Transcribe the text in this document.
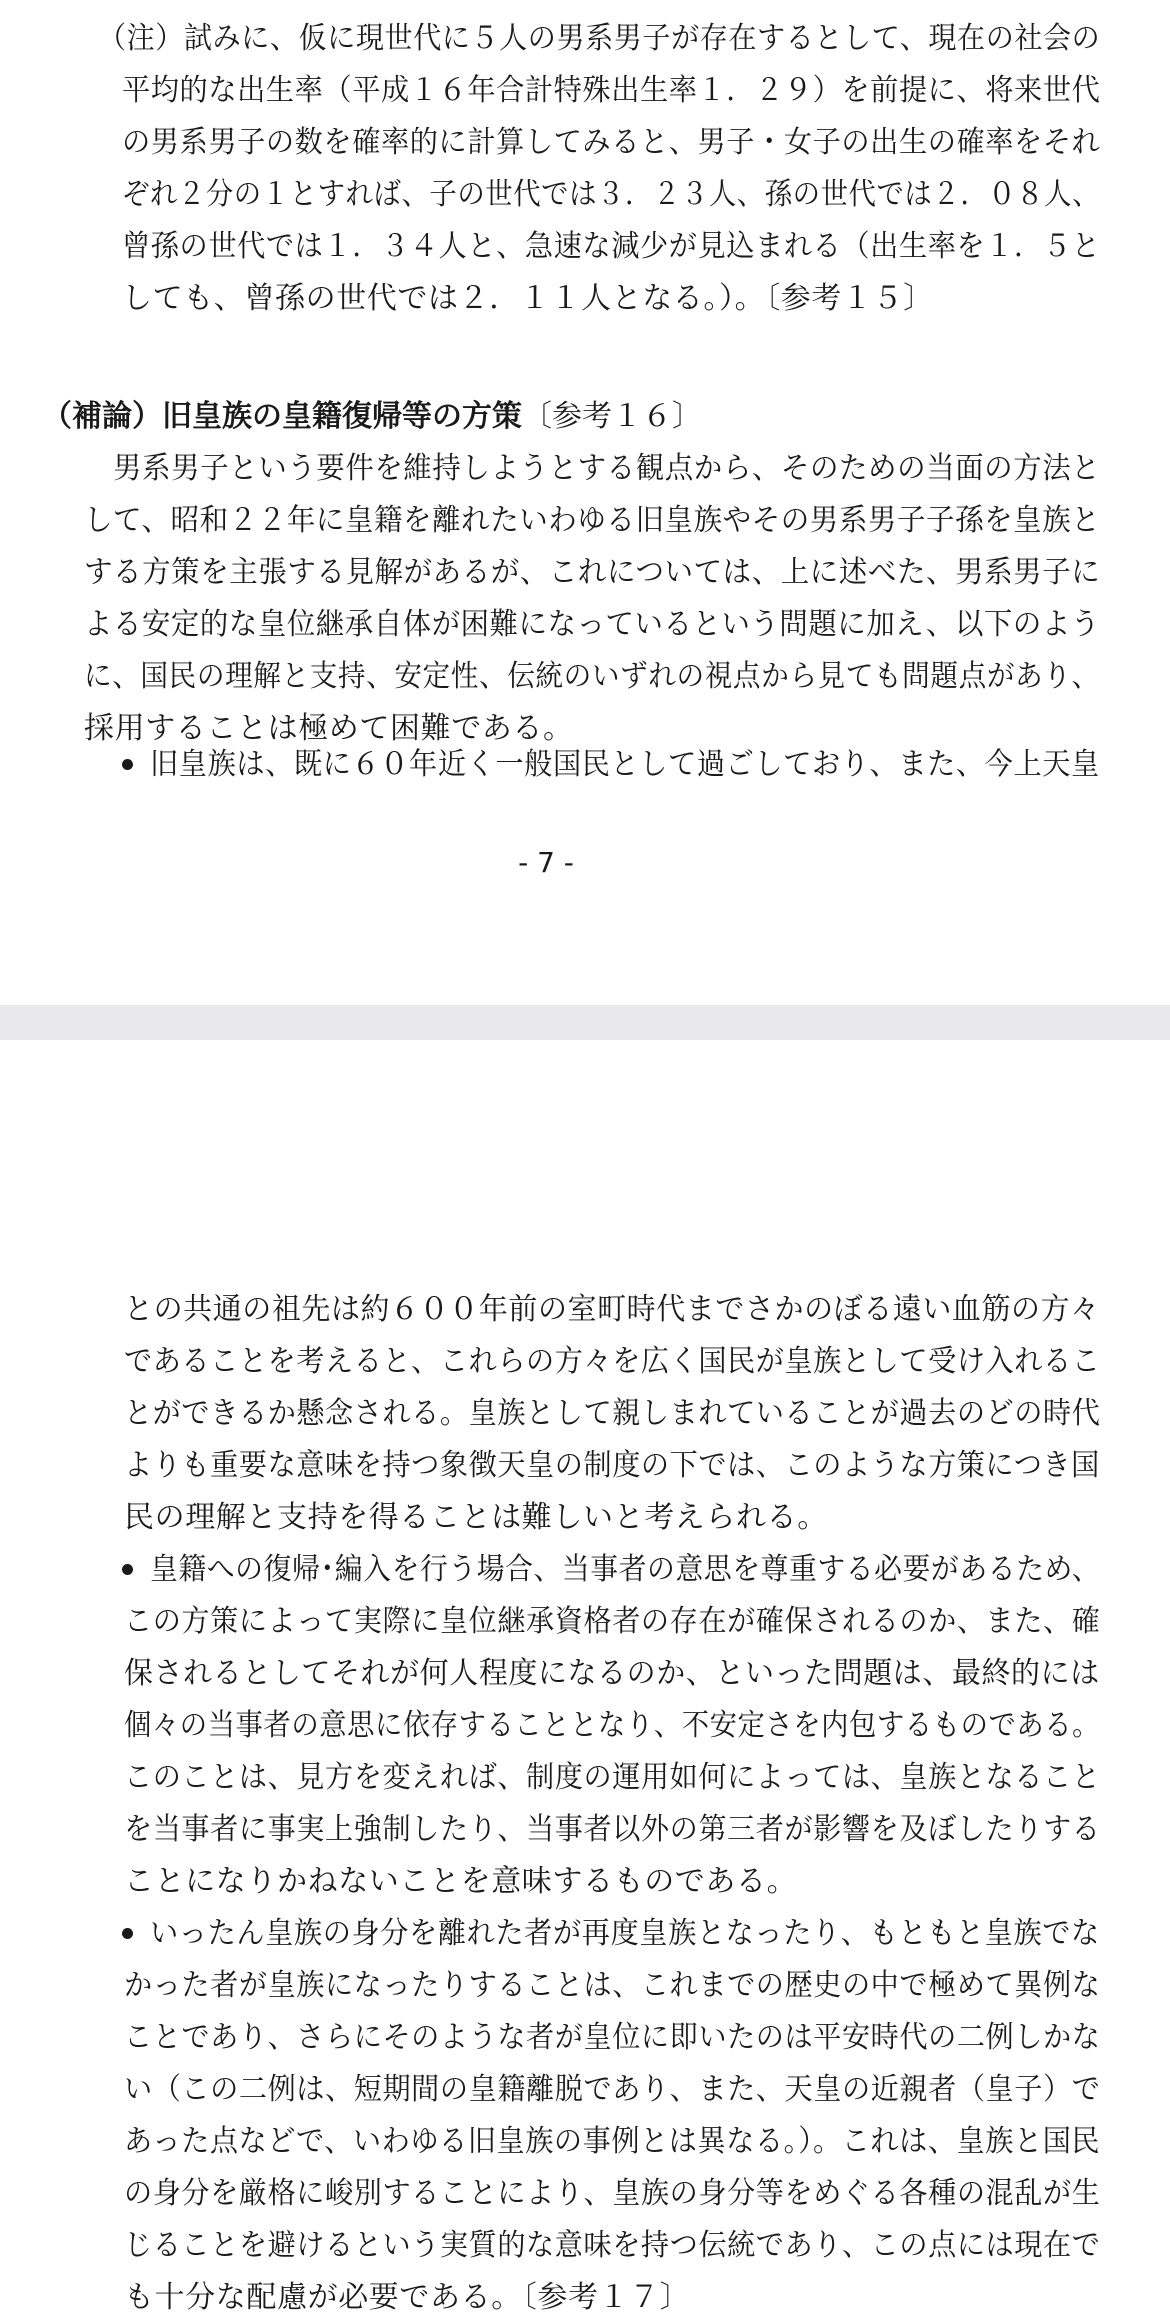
（注）試みに、仮に現世代に５人の男系男子が存在するとして、現在の社会の
平均的な出生率（平成１６年合計特殊出生率１．２９）を前提に、将来世代
の男系男子の数を確率的に計算してみると、男子・女子の出生の確率をそれ
ぞれ２分の１とすれば、子の世代では３．２３人、孫の世代では２．０８人、
曾孫の世代では１．３４人と、急速な減少が見込まれる（出生率を１．５と
しても、曾孫の世代では２．１１人となる。）。〔参考１５〕
（補論）旧皇族の皇籍復帰等の方策〔参考１６〕
男系男子という要件を維持しようとする観点から、そのための当面の方法と
して、昭和２２年に皇籍を離れたいわゆる旧皇族やその男系男子子孫を皇族と
する方策を主張する見解があるが、これについては、上に述べた、男系男子に
よる安定的な皇位継承自体が困難になっているという問題に加え、以下のよう
に、国民の理解と支持、安定性、伝統のいずれの視点から見ても問題点があり、
採用することは極めて困難である。
旧皇族は、既に６０年近く一般国民として過ごしており、また、今上天皇
- 7 -
との共通の祖先は約６００年前の室町時代までさかのぼる遠い血筋の方々
であることを考えると、これらの方々を広く国民が皇族として受け入れるこ
とができるか懸念される。皇族として親しまれていることが過去のどの時代
よりも重要な意味を持つ象徴天皇の制度の下では、このような方策につき国
民の理解と支持を得ることは難しいと考えられる。
皇籍への復帰･編入を行う場合、当事者の意思を尊重する必要があるため、
この方策によって実際に皇位継承資格者の存在が確保されるのか、また、確
保されるとしてそれが何人程度になるのか、といった問題は、最終的には
個々の当事者の意思に依存することとなり、不安定さを内包するものである。
このことは、見方を変えれば、制度の運用如何によっては、皇族となること
を当事者に事実上強制したり、当事者以外の第三者が影響を及ぼしたりする
ことになりかねないことを意味するものである。
いったん皇族の身分を離れた者が再度皇族となったり、もともと皇族でな
かった者が皇族になったりすることは、これまでの歴史の中で極めて異例な
ことであり、さらにそのような者が皇位に即いたのは平安時代の二例しかな
い（この二例は、短期間の皇籍離脱であり、また、天皇の近親者（皇子）で
あった点などで、いわゆる旧皇族の事例とは異なる。）。これは、皇族と国民
の身分を厳格に峻別することにより、皇族の身分等をめぐる各種の混乱が生
じることを避けるという実質的な意味を持つ伝統であり、この点には現在で
も十分な配慮が必要である。〔参考１７〕
